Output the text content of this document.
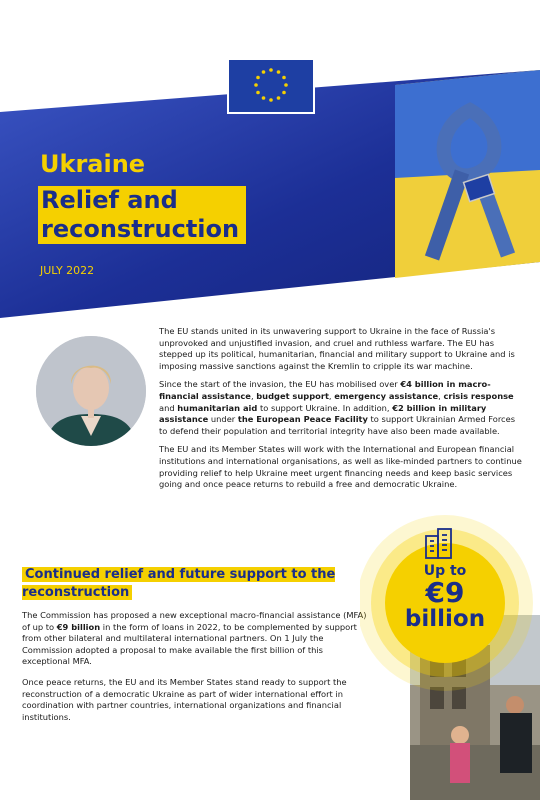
Ukraine
Relief and reconstruction
JULY 2022

The EU stands united in its unwavering support to Ukraine in the face of Russia's unprovoked and unjustified invasion, and cruel and ruthless warfare. The EU has stepped up its political, humanitarian, financial and military support to Ukraine and is imposing massive sanctions against the Kremlin to cripple its war machine.

Since the start of the invasion, the EU has mobilised over €4 billion in macro-financial assistance, budget support, emergency assistance, crisis response and humanitarian aid to support Ukraine. In addition, €2 billion in military assistance under the European Peace Facility to support Ukrainian Armed Forces to defend their population and territorial integrity have also been made available.

The EU and its Member States will work with the International and European financial institutions and international organisations, as well as like-minded partners to continue providing relief to help Ukraine meet urgent financing needs and keep basic services going and once peace returns to rebuild a free and democratic Ukraine.

Continued relief and future support to the reconstruction

The Commission has proposed a new exceptional macro-financial assistance (MFA) of up to €9 billion in the form of loans in 2022, to be complemented by support from other bilateral and multilateral international partners. On 1 July the Commission adopted a proposal to make available the first billion of this exceptional MFA.

Once peace returns, the EU and its Member States stand ready to support the reconstruction of a democratic Ukraine as part of wider international effort in coordination with partner countries, international organizations and financial institutions.

Up to
€9
billion
